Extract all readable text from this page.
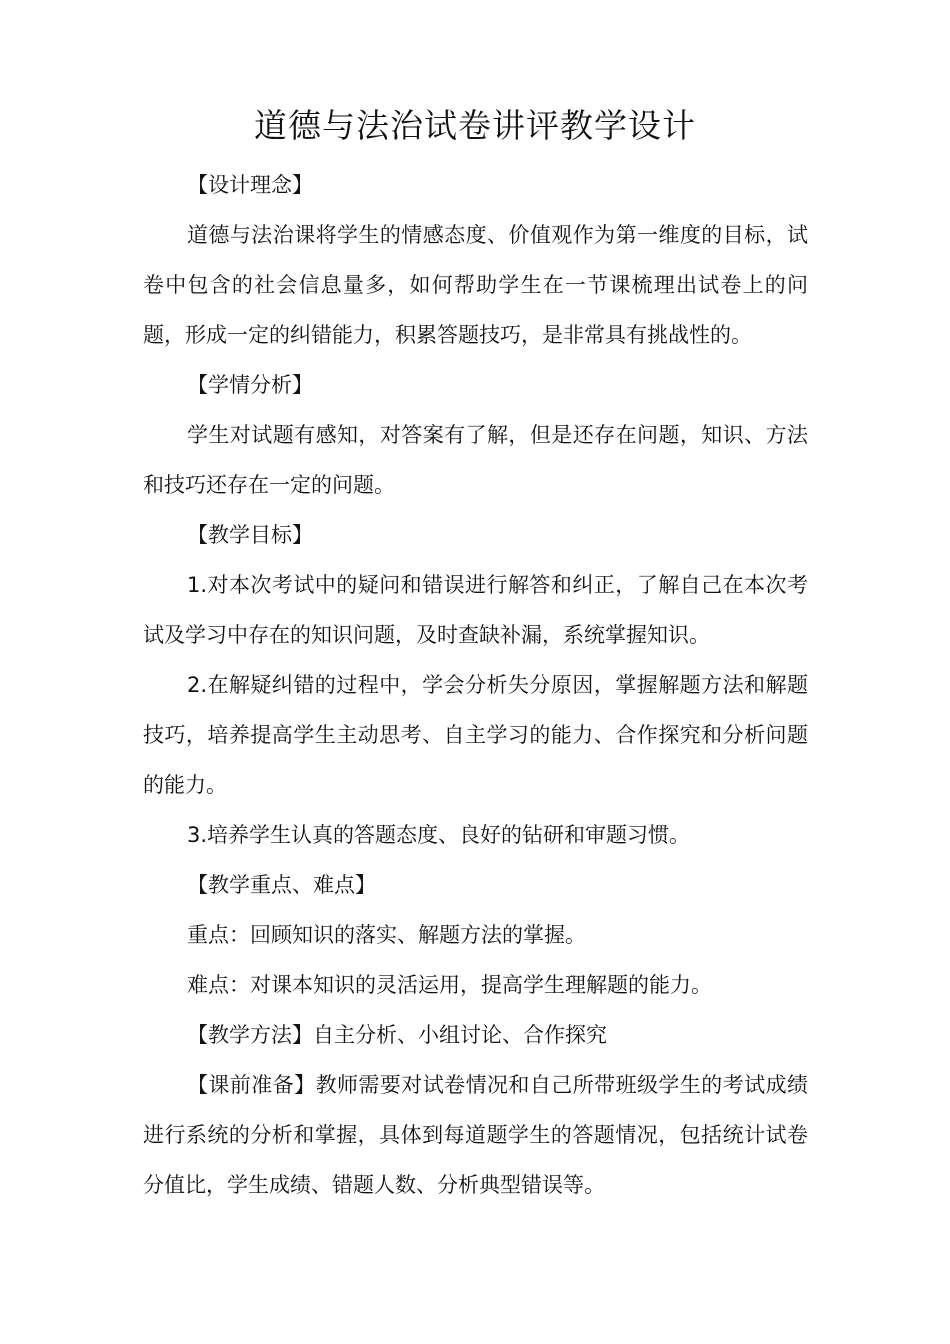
道德与法治试卷讲评教学设计

【设计理念】

道德与法治课将学生的情感态度、价值观作为第一维度的目标，试卷中包含的社会信息量多，如何帮助学生在一节课梳理出试卷上的问题，形成一定的纠错能力，积累答题技巧，是非常具有挑战性的。

【学情分析】

学生对试题有感知，对答案有了解，但是还存在问题，知识、方法和技巧还存在一定的问题。

【教学目标】

1.对本次考试中的疑问和错误进行解答和纠正，了解自己在本次考试及学习中存在的知识问题，及时查缺补漏，系统掌握知识。

2.在解疑纠错的过程中，学会分析失分原因，掌握解题方法和解题技巧，培养提高学生主动思考、自主学习的能力、合作探究和分析问题的能力。

3.培养学生认真的答题态度、良好的钻研和审题习惯。

【教学重点、难点】

重点：回顾知识的落实、解题方法的掌握。

难点：对课本知识的灵活运用，提高学生理解题的能力。

【教学方法】自主分析、小组讨论、合作探究

【课前准备】教师需要对试卷情况和自己所带班级学生的考试成绩进行系统的分析和掌握，具体到每道题学生的答题情况，包括统计试卷分值比，学生成绩、错题人数、分析典型错误等。
